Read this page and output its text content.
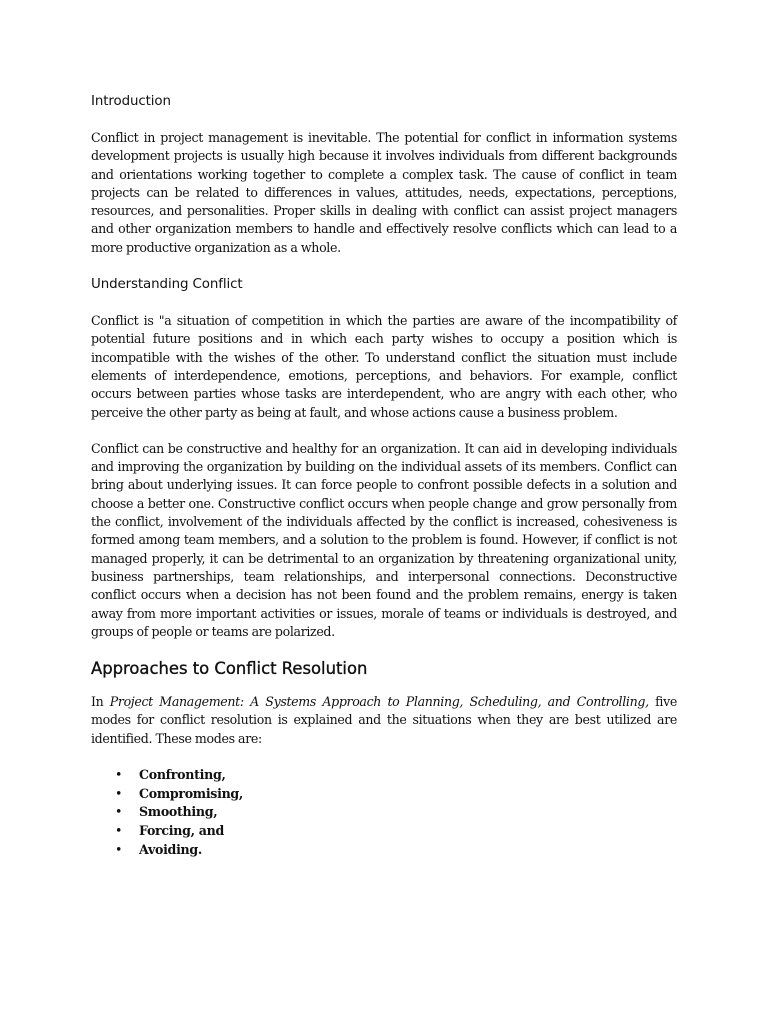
Introduction

Conflict in project management is inevitable. The potential for conflict in information systems development projects is usually high because it involves individuals from different backgrounds and orientations working together to complete a complex task. The cause of conflict in team projects can be related to differences in values, attitudes, needs, expectations, perceptions, resources, and personalities. Proper skills in dealing with conflict can assist project managers and other organization members to handle and effectively resolve conflicts which can lead to a more productive organization as a whole.

Understanding Conflict

Conflict is "a situation of competition in which the parties are aware of the incompatibility of potential future positions and in which each party wishes to occupy a position which is incompatible with the wishes of the other. To understand conflict the situation must include elements of interdependence, emotions, perceptions, and behaviors. For example, conflict occurs between parties whose tasks are interdependent, who are angry with each other, who perceive the other party as being at fault, and whose actions cause a business problem.

Conflict can be constructive and healthy for an organization. It can aid in developing individuals and improving the organization by building on the individual assets of its members. Conflict can bring about underlying issues. It can force people to confront possible defects in a solution and choose a better one. Constructive conflict occurs when people change and grow personally from the conflict, involvement of the individuals affected by the conflict is increased, cohesiveness is formed among team members, and a solution to the problem is found. However, if conflict is not managed properly, it can be detrimental to an organization by threatening organizational unity, business partnerships, team relationships, and interpersonal connections. Deconstructive conflict occurs when a decision has not been found and the problem remains, energy is taken away from more important activities or issues, morale of teams or individuals is destroyed, and groups of people or teams are polarized.

Approaches to Conflict Resolution

In Project Management: A Systems Approach to Planning, Scheduling, and Controlling, five modes for conflict resolution is explained and the situations when they are best utilized are identified. These modes are:

• Confronting,
• Compromising,
• Smoothing,
• Forcing, and
• Avoiding.
